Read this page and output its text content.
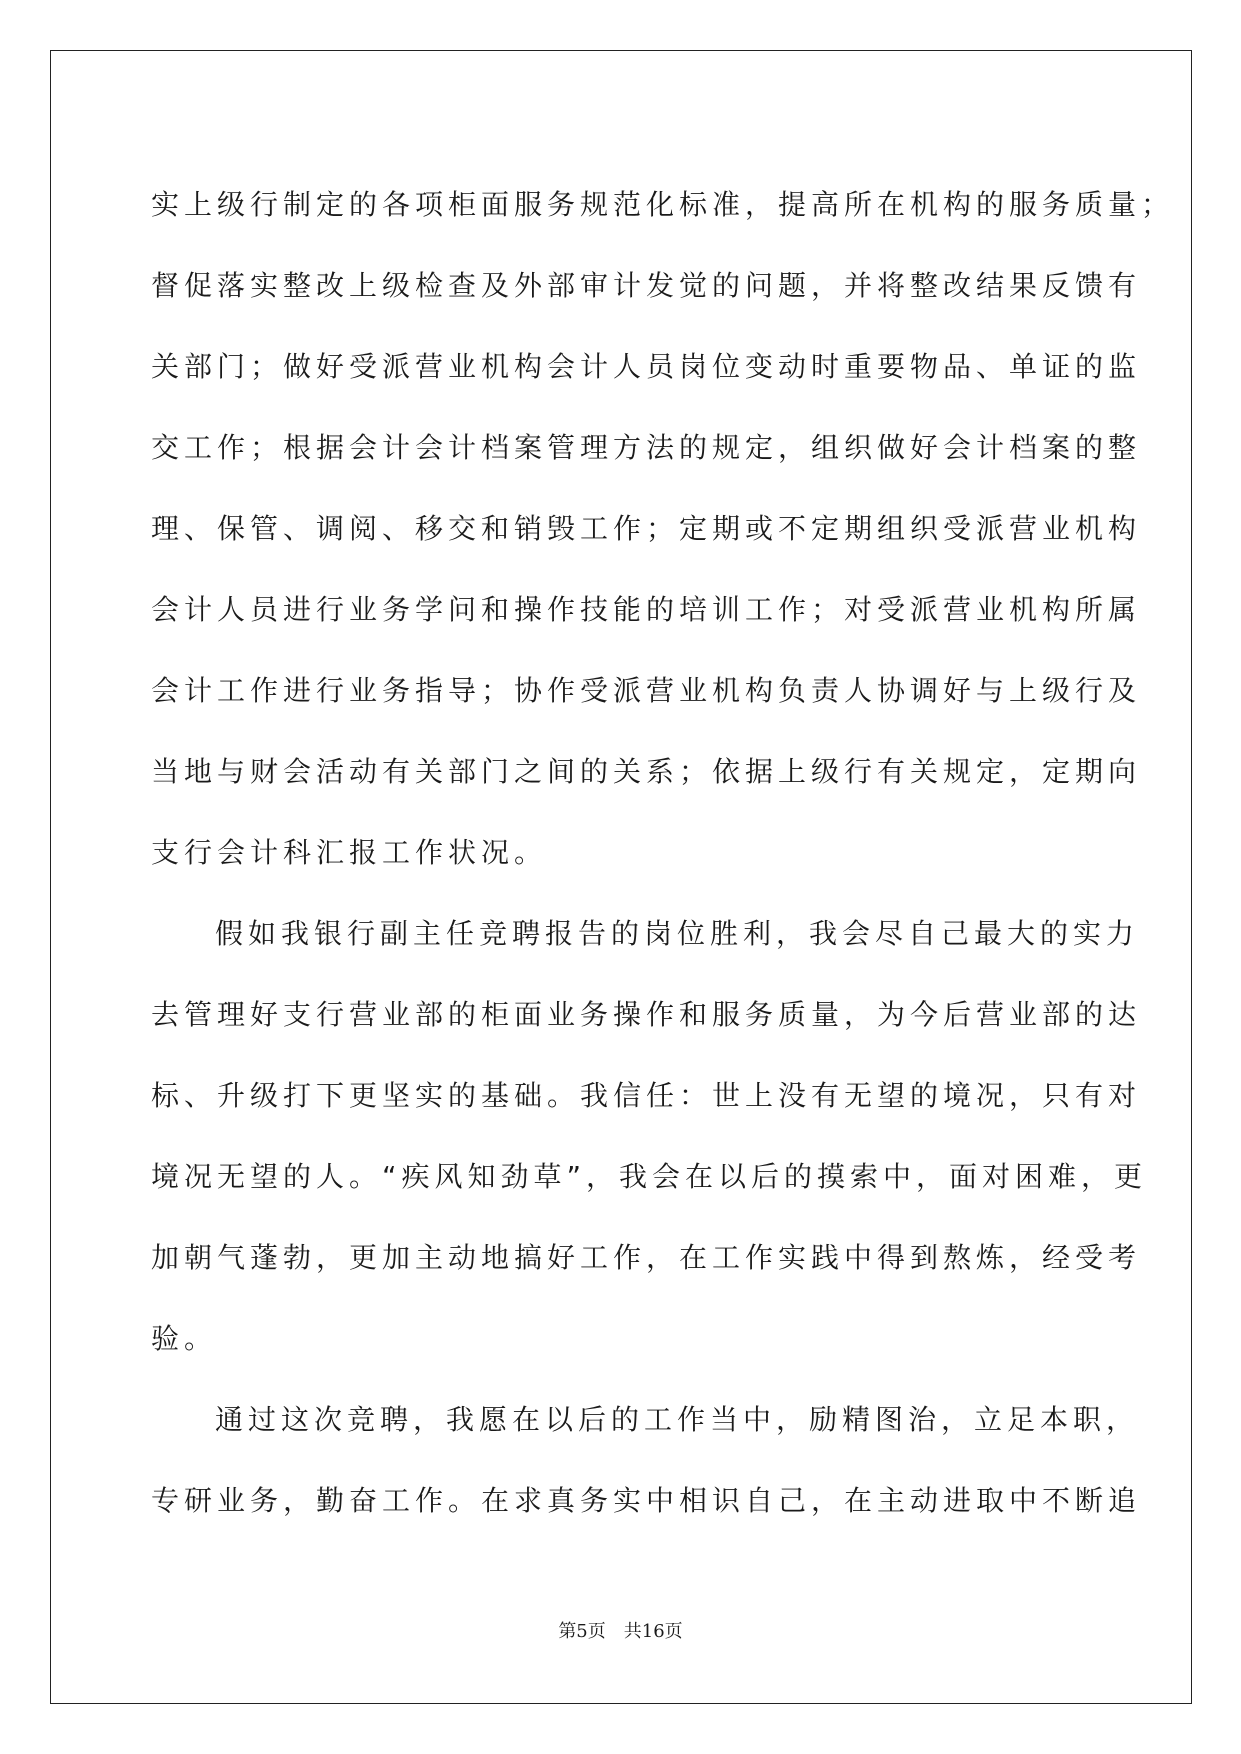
实上级行制定的各项柜面服务规范化标准，提高所在机构的服务质量；
督促落实整改上级检查及外部审计发觉的问题，并将整改结果反馈有
关部门；做好受派营业机构会计人员岗位变动时重要物品、单证的监
交工作；根据会计会计档案管理方法的规定，组织做好会计档案的整
理、保管、调阅、移交和销毁工作；定期或不定期组织受派营业机构
会计人员进行业务学问和操作技能的培训工作；对受派营业机构所属
会计工作进行业务指导；协作受派营业机构负责人协调好与上级行及
当地与财会活动有关部门之间的关系；依据上级行有关规定，定期向
支行会计科汇报工作状况。
假如我银行副主任竞聘报告的岗位胜利，我会尽自己最大的实力
去管理好支行营业部的柜面业务操作和服务质量，为今后营业部的达
标、升级打下更坚实的基础。我信任：世上没有无望的境况，只有对
境况无望的人。“疾风知劲草”，我会在以后的摸索中，面对困难，更
加朝气蓬勃，更加主动地搞好工作，在工作实践中得到熬炼，经受考
验。
通过这次竞聘，我愿在以后的工作当中，励精图治，立足本职，
专研业务，勤奋工作。在求真务实中相识自己，在主动进取中不断追
第5页　共16页
